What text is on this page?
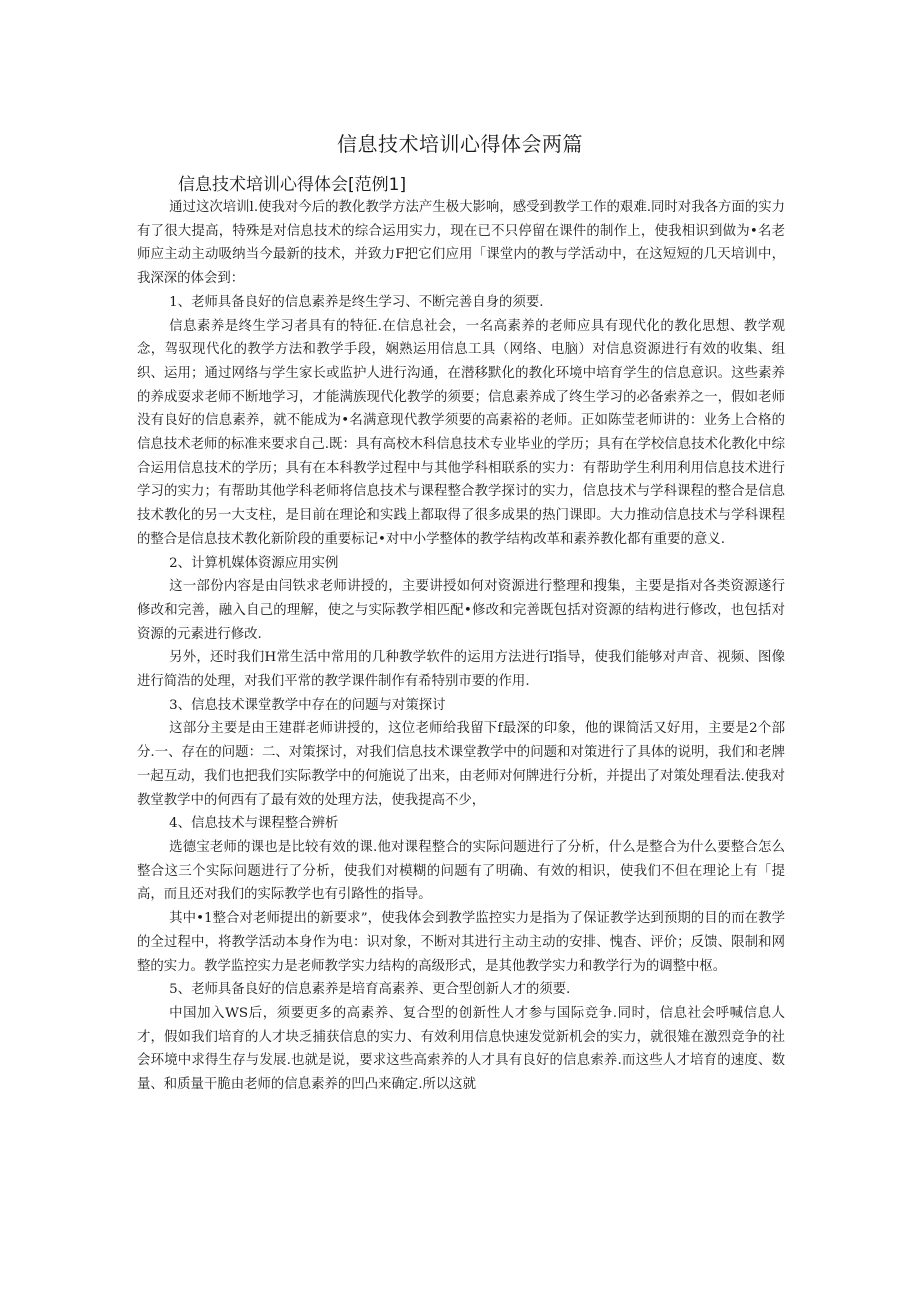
信息技术培训心得体会两篇
信息技术培训心得体会[范例1]

通过这次培训l.使我对今后的教化教学方法产生极大影响，感受到教学工作的艰难.同时对我各方面的实力有了很大提高，特殊是对信息技术的综合运用实力，现在已不只停留在课件的制作上，使我相识到做为•名老师应主动主动吸纳当今最新的技术，并致力F把它们应用「课堂内的教与学活动中，在这短短的几天培训中，我深深的体会到：

1、老师具备良好的信息素养是终生学习、不断完善自身的须要.

信息素养是终生学习者具有的特征.在信息社会，一名高素养的老师应具有现代化的教化思想、教学观念，驾驭现代化的教学方法和教学手段，娴熟运用信息工具（网络、电脑）对信息资源进行有效的收集、组织、运用；通过网络与学生家长或监护人进行沟通，在潜移默化的教化环境中培育学生的信息意识。这些素养的养成耍求老师不断地学习，才能满族现代化教学的须要；信息素养成了终生学习的必备索养之一，假如老师没有良好的信息素养，就不能成为•名满意现代教学须要的高素裕的老师。正如陈莹老师讲的：业务上合格的信息技术老师的标准来要求自己.既：具有高校木科信息技术专业毕业的学历；具有在学校信息技术化教化中综合运用信息技术的学历；具有在本科教学过程中与其他学科相联系的实力：有帮助学生利用利用信息技术进行学习的实力；有帮助其他学科老师将信息技术与课程整合教学探讨的实力，信息技术与学科课程的整合是信息技术教化的另一大支柱，是目前在理论和实践上都取得了很多成果的热门课即。大力推动信息技术与学科课程的整合是信息技术教化新阶段的重要标记•对中小学整体的教学结构改革和素养教化都有重要的意义.

2、计算机媒体资源应用实例

这一部份内容是由闫铁求老师讲授的，主要讲授如何对资源进行整理和搜集，主要是指对各类资源遂行修改和完善，融入自己的理解，使之与实际教学相匹配•修改和完善既包括对资源的结构进行修改，也包括对资源的元素进行修改.

另外，还时我们H常生活中常用的几种教学软件的运用方法进行ľ指导，使我们能够对声音、视频、图像进行简浩的处理，对我们平常的教学课件制作有希特别市要的作用.

3、信息技术课堂教学中存在的问题与对策探讨

这部分主要是由王建群老师讲授的，这位老师给我留下f最深的印象，他的课简活又好用，主要是2个部分.一、存在的问题：二、对策探讨，对我们信息技术课堂教学中的问题和对策进行了具体的说明，我们和老牌一起互动，我们也把我们实际教学中的何施说了出来，由老师对何牌进行分析，并提出了对策处理看法.使我对教堂教学中的何西有了最有效的处理方法，使我提高不少，

4、信息技术与课程整合辨析

选德宝老师的课也是比较有效的课.他对课程整合的实际问题进行了分析，什么是整合为什么要整合怎么整合这三个实际问题进行了分析，使我们对模糊的问题有了明确、有效的相识，使我们不但在理论上有「提高，而且还对我们的实际教学也有引路性的指导。

其中•1整合对老师提出的新要求”，使我体会到教学监控实力是指为了保证教学达到预期的目的而在教学的全过程中，将教学活动本身作为电：识对象，不断对其进行主动主动的安排、愧杳、评价；反馈、限制和网整的实力。教学监控实力是老师教学实力结构的高级形式，是其他教学实力和教学行为的调整中枢。

5、老师具备良好的信息素养是培育高素养、更合型创新人才的须要.

中国加入WS后，须要更多的高素养、复合型的创新性人才参与国际竞争.同时，信息社会呼喊信息人才，假如我们培育的人才块乏捕获信息的实力、有效利用信息快速发觉新机会的实力，就很雉在激烈竞争的社会环境中求得生存与发展.也就是说，要求这些高索养的人才具有良好的信息索养.而这些人才培育的速度、数量、和质量干脆由老师的信息素养的凹凸来确定.所以这就
